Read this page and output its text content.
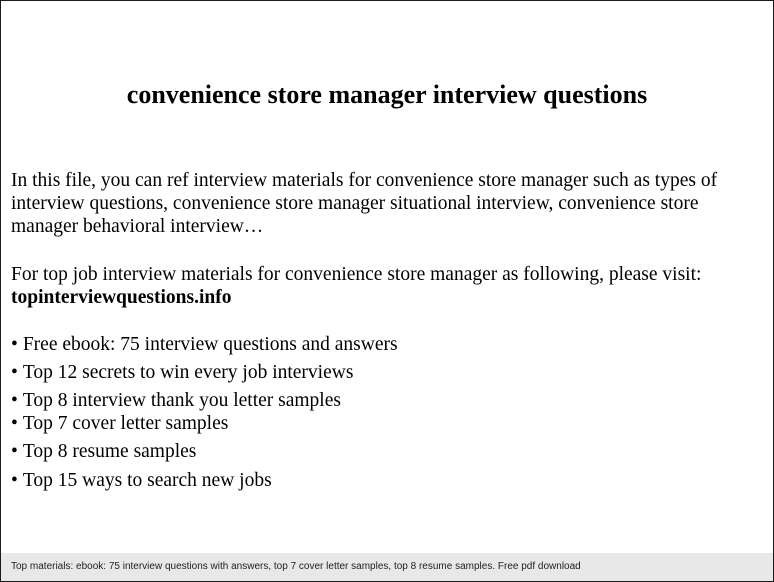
convenience store manager interview questions

In this file, you can ref interview materials for convenience store manager such as types of interview questions, convenience store manager situational interview, convenience store manager behavioral interview…

For top job interview materials for convenience store manager as following, please visit: topinterviewquestions.info

• Free ebook: 75 interview questions and answers
• Top 12 secrets to win every job interviews
• Top 8 interview thank you letter samples
• Top 7 cover letter samples
• Top 8 resume samples
• Top 15 ways to search new jobs
Top materials: ebook: 75 interview questions with answers, top 7 cover letter samples, top 8 resume samples. Free pdf download
